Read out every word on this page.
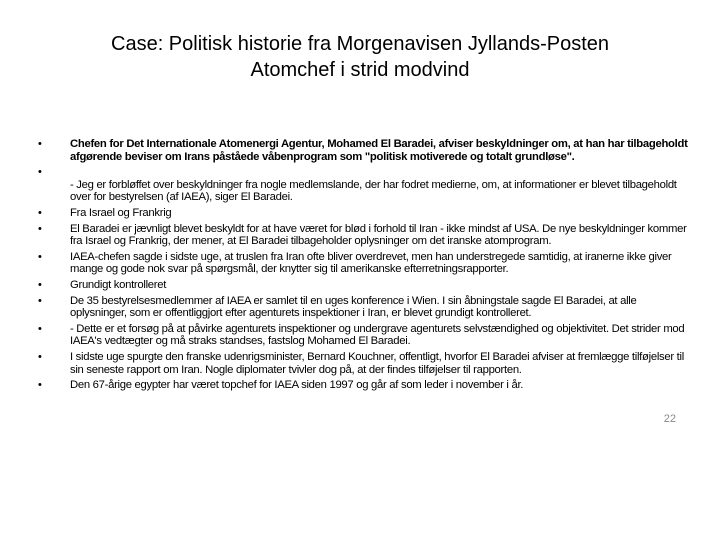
Case: Politisk historie fra Morgenavisen Jyllands-Posten
Atomchef i strid modvind
•	Chefen for Det Internationale Atomenergi Agentur, Mohamed El Baradei, afviser beskyldninger om, at han har tilbageholdt afgørende beviser om Irans påståede våbenprogram som "politisk motiverede og totalt grundløse".
•
- Jeg er forbløffet over beskyldninger fra nogle medlemslande, der har fodret medierne, om, at informationer er blevet tilbageholdt over for bestyrelsen (af IAEA), siger El Baradei.
•	Fra Israel og Frankrig
•	El Baradei er jævnligt blevet beskyldt for at have været for blød i forhold til Iran - ikke mindst af USA. De nye beskyldninger kommer fra Israel og Frankrig, der mener, at El Baradei tilbageholder oplysninger om det iranske atomprogram.
•	IAEA-chefen sagde i sidste uge, at truslen fra Iran ofte bliver overdrevet, men han understregede samtidig, at iranerne ikke giver mange og gode nok svar på spørgsmål, der knytter sig til amerikanske efterretningsrapporter.
•	Grundigt kontrolleret
•	De 35 bestyrelsesmedlemmer af IAEA er samlet til en uges konference i Wien. I sin åbningstale sagde El Baradei, at alle oplysninger, som er offentliggjort efter agenturets inspektioner i Iran, er blevet grundigt kontrolleret.
•	- Dette er et forsøg på at påvirke agenturets inspektioner og undergrave agenturets selvstændighed og objektivitet. Det strider mod IAEA's vedtægter og må straks standses, fastslog Mohamed El Baradei.
•	I sidste uge spurgte den franske udenrigsminister, Bernard Kouchner, offentligt, hvorfor El Baradei afviser at fremlægge tilføjelser til sin seneste rapport om Iran. Nogle diplomater tvivler dog på, at der findes tilføjelser til rapporten.
•	Den 67-årige egypter har været topchef for IAEA siden 1997 og går af som leder i november i år.
22
